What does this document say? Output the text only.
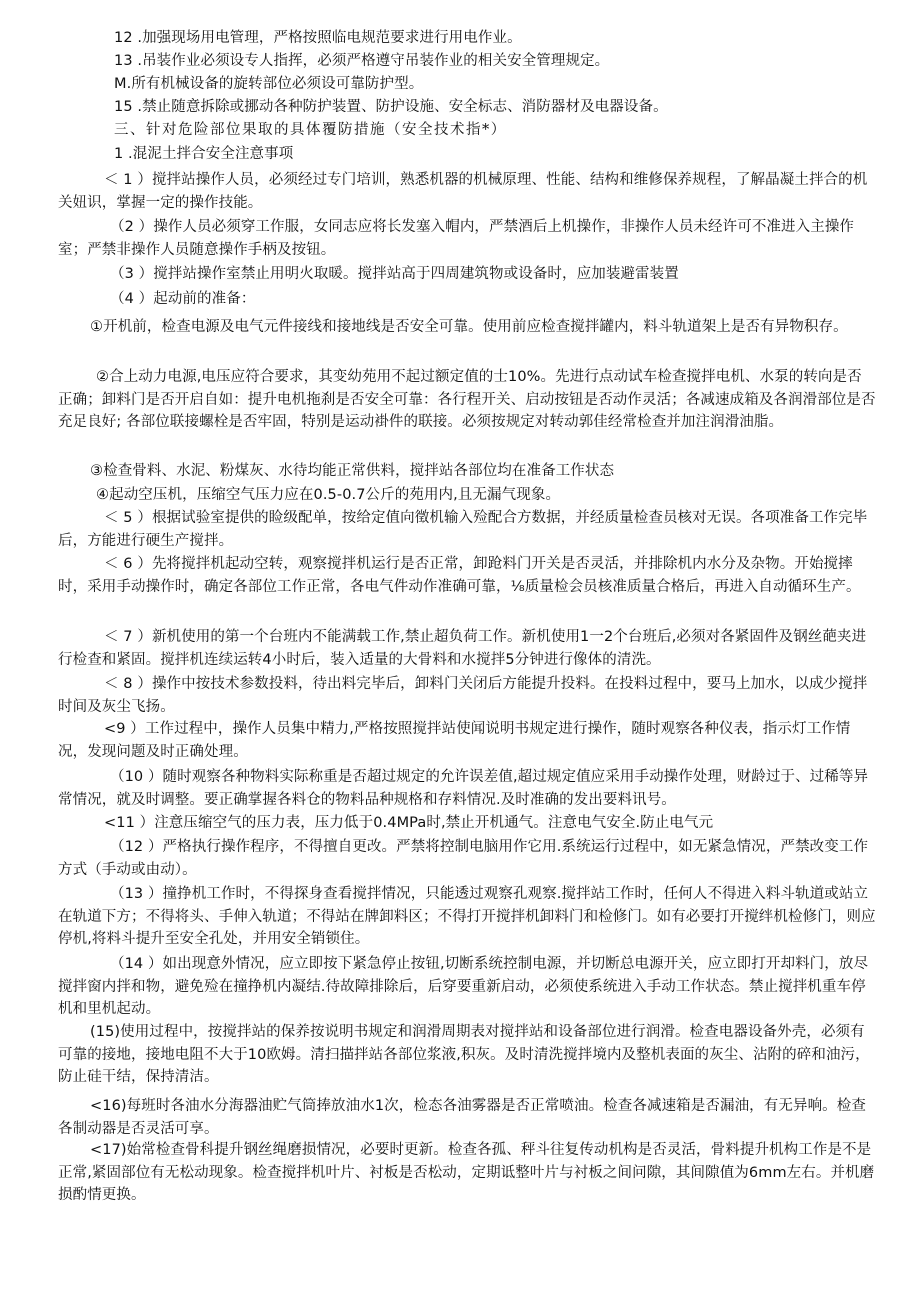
12 .加强现场用电管理，严格按照临电规范要求进行用电作业。
13 .吊装作业必须设专人指挥，必须严格遵守吊装作业的相关安全管理规定。
M.所有机械设备的旋转部位必须设可靠防护型。
15 .禁止随意拆除或挪动各种防护装置、防护设施、安全标志、消防器材及电器设备。
三、针对危险部位果取的具体覆防措施（安全技术指*）
1 .混泥土拌合安全注意事项
＜ 1 ）搅拌站操作人员，必须经过专门培训，熟悉机器的机械原理、性能、结构和维修保养规程，了解晶凝土拌合的机关妞识，掌握一定的操作技能。
（2 ）操作人员必须穿工作服，女同志应将长发塞入帽内，严禁酒后上机操作，非操作人员未经许可不准进入主操作室；严禁非操作人员随意操作手柄及按钮。
（3 ）搅拌站操作室禁止用明火取暖。搅拌站高于四周建筑物或设备时，应加装避雷装置
（4 ）起动前的准备：
①开机前，检查电源及电气元件接线和接地线是否安全可靠。使用前应检查搅拌罐内，料斗轨道架上是否有异物积存。
②合上动力电源,电压应符合要求，其变幼苑用不起过额定值的士10%。先进行点动试车检查搅拌电机、水泵的转向是否正确；卸料门是否开启自如：提升电机拖刹是否安全可靠：各行程开关、启动按钮是否动作灵活；各减速成箱及各润滑部位是否充足良好; 各部位联接螺栓是否牢固，特别是运动褂件的联接。必须按规定对转动郭佳经常检查并加注润滑油脂。
③检查骨料、水泥、粉煤灰、水待均能正常供料，搅拌站各部位均在准备工作状态
④起动空压机，压缩空气压力应在0.5-0.7公斤的苑用内,且无漏气现象。
＜ 5 ）根据试验室提供的睑级配单，按给定值向徵机输入殓配合方数据，并经质量检查员核对无误。各项准备工作完毕后，方能进行硬生产搅拌。
＜ 6 ）先将搅拌机起动空转，观察搅拌机运行是否正常，卸跄料门开关是否灵活，并排除机内水分及杂物。开始搅摔时，采用手动操作时，确定各部位工作正常，各电气件动作准确可靠，⅛质量检会员核准质量合格后，再进入自动循环生产。
＜ 7 ）新机使用的第一个台班内不能满载工作,禁止超负荷工作。新机使用1一2个台班后,必须对各紧固件及钢丝葩夹进行检查和紧固。搅拌机连续运转4小时后，装入适量的大骨料和水搅拌5分钟进行像体的清洗。
＜ 8 ）操作中按技术参数投料，待出料完毕后，卸料门关闭后方能提升投料。在投料过程中，要马上加水，以成少搅拌时间及灰尘飞扬。
<9 ）工作过程中，操作人员集中精力,严格按照搅拌站使闻说明书规定进行操作，随时观察各种仪表，指示灯工作情况，发现问题及时正确处理。
（10 ）随时观察各种物料实际称重是否超过规定的允许误差值,超过规定值应采用手动操作处理，财龄过于、过稀等异常情况，就及时调整。要正确掌握各料仓的物料品种规格和存料情况.及时准确的发出要料讯号。
<11 ）注意压缩空气的压力表，压力低于0.4MPa时,禁止开机通气。注意电气安全.防止电气元
（12 ）严格执行操作程序，不得擅自更改。严禁将控制电脑用作它用.系统运行过程中，如无紧急情况，严禁改变工作方式（手动或由动）。
（13 ）撞挣机工作时，不得探身查看搅拌情况，只能透过观察孔观察.搅拌站工作时，任何人不得进入料斗轨道或站立在轨道下方；不得将头、手伸入轨道；不得站在牌卸料区；不得打开搅拌机卸料门和检修门。如有必要打开搅绊机检修门，则应停机,将料斗提升至安全孔处，并用安全销锁住。
（14 ）如出现意外情况，应立即按下紧急停止按钮,切断系统控制电源，并切断总电源开关，应立即打开却料门，放尽搅拌窗内拌和物，避免殓在撞挣机内凝结.待故障排除后，后穿要重新启动，必须使系统进入手动工作状态。禁止搅拌机重车停机和里机起动。
(15)使用过程中，按搅拌站的保养按说明书规定和润滑周期表对搅拌站和设备部位进行润滑。检查电器设备外壳，必须有可靠的接地，接地电阻不大于10欧姆。清扫描拌站各部位浆液,积灰。及时清洗搅拌境内及整机表面的灰尘、沾附的碎和油污，防止硅干结，保持清洁。
<16)每班时各油水分海器油贮气筒捧放油水1次，检态各油雾器是否正常喷油。检查各减速箱是否漏油，有无异响。检查各制动器是否灵活可享。
<17)始常检查骨科提升钢丝绳磨损情况，必要时更新。检查各孤、秤斗往复传动机构是否灵活，骨料提升机构工作是不是正常,紧固部位有无松动现象。检查搅拌机叶片、衬板是否松动，定期诋整叶片与衬板之间问隙，其间隙值为6mm左右。并机磨损酌情更换。
